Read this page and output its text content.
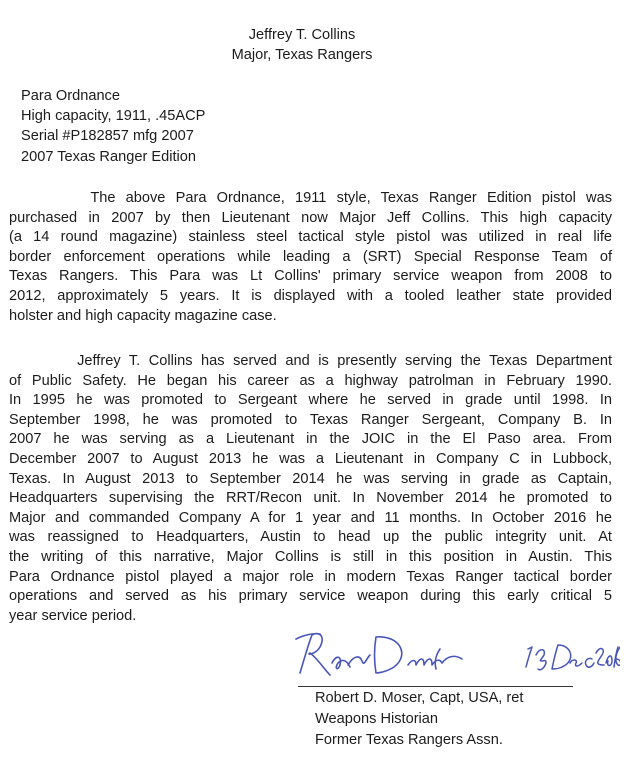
Jeffrey T. Collins
Major, Texas Rangers
Para Ordnance
High capacity, 1911, .45ACP
Serial #P182857 mfg 2007
2007 Texas Ranger Edition

The above Para Ordnance, 1911 style, Texas Ranger Edition pistol was
purchased in 2007 by then Lieutenant now Major Jeff Collins. This high capacity
(a 14 round magazine) stainless steel tactical style pistol was utilized in real life
border enforcement operations while leading a (SRT) Special Response Team of
Texas Rangers. This Para was Lt Collins' primary service weapon from 2008 to
2012, approximately 5 years. It is displayed with a tooled leather state provided
holster and high capacity magazine case.

Jeffrey T. Collins has served and is presently serving the Texas Department
of Public Safety. He began his career as a highway patrolman in February 1990.
In 1995 he was promoted to Sergeant where he served in grade until 1998. In
September 1998, he was promoted to Texas Ranger Sergeant, Company B. In
2007 he was serving as a Lieutenant in the JOIC in the El Paso area. From
December 2007 to August 2013 he was a Lieutenant in Company C in Lubbock,
Texas. In August 2013 to September 2014 he was serving in grade as Captain,
Headquarters supervising the RRT/Recon unit. In November 2014 he promoted to
Major and commanded Company A for 1 year and 11 months. In October 2016 he
was reassigned to Headquarters, Austin to head up the public integrity unit. At
the writing of this narrative, Major Collins is still in this position in Austin. This
Para Ordnance pistol played a major role in modern Texas Ranger tactical border
operations and served as his primary service weapon during this early critical 5
year service period.

Robert D. Moser, Capt, USA, ret
Weapons Historian
Former Texas Rangers Assn.
